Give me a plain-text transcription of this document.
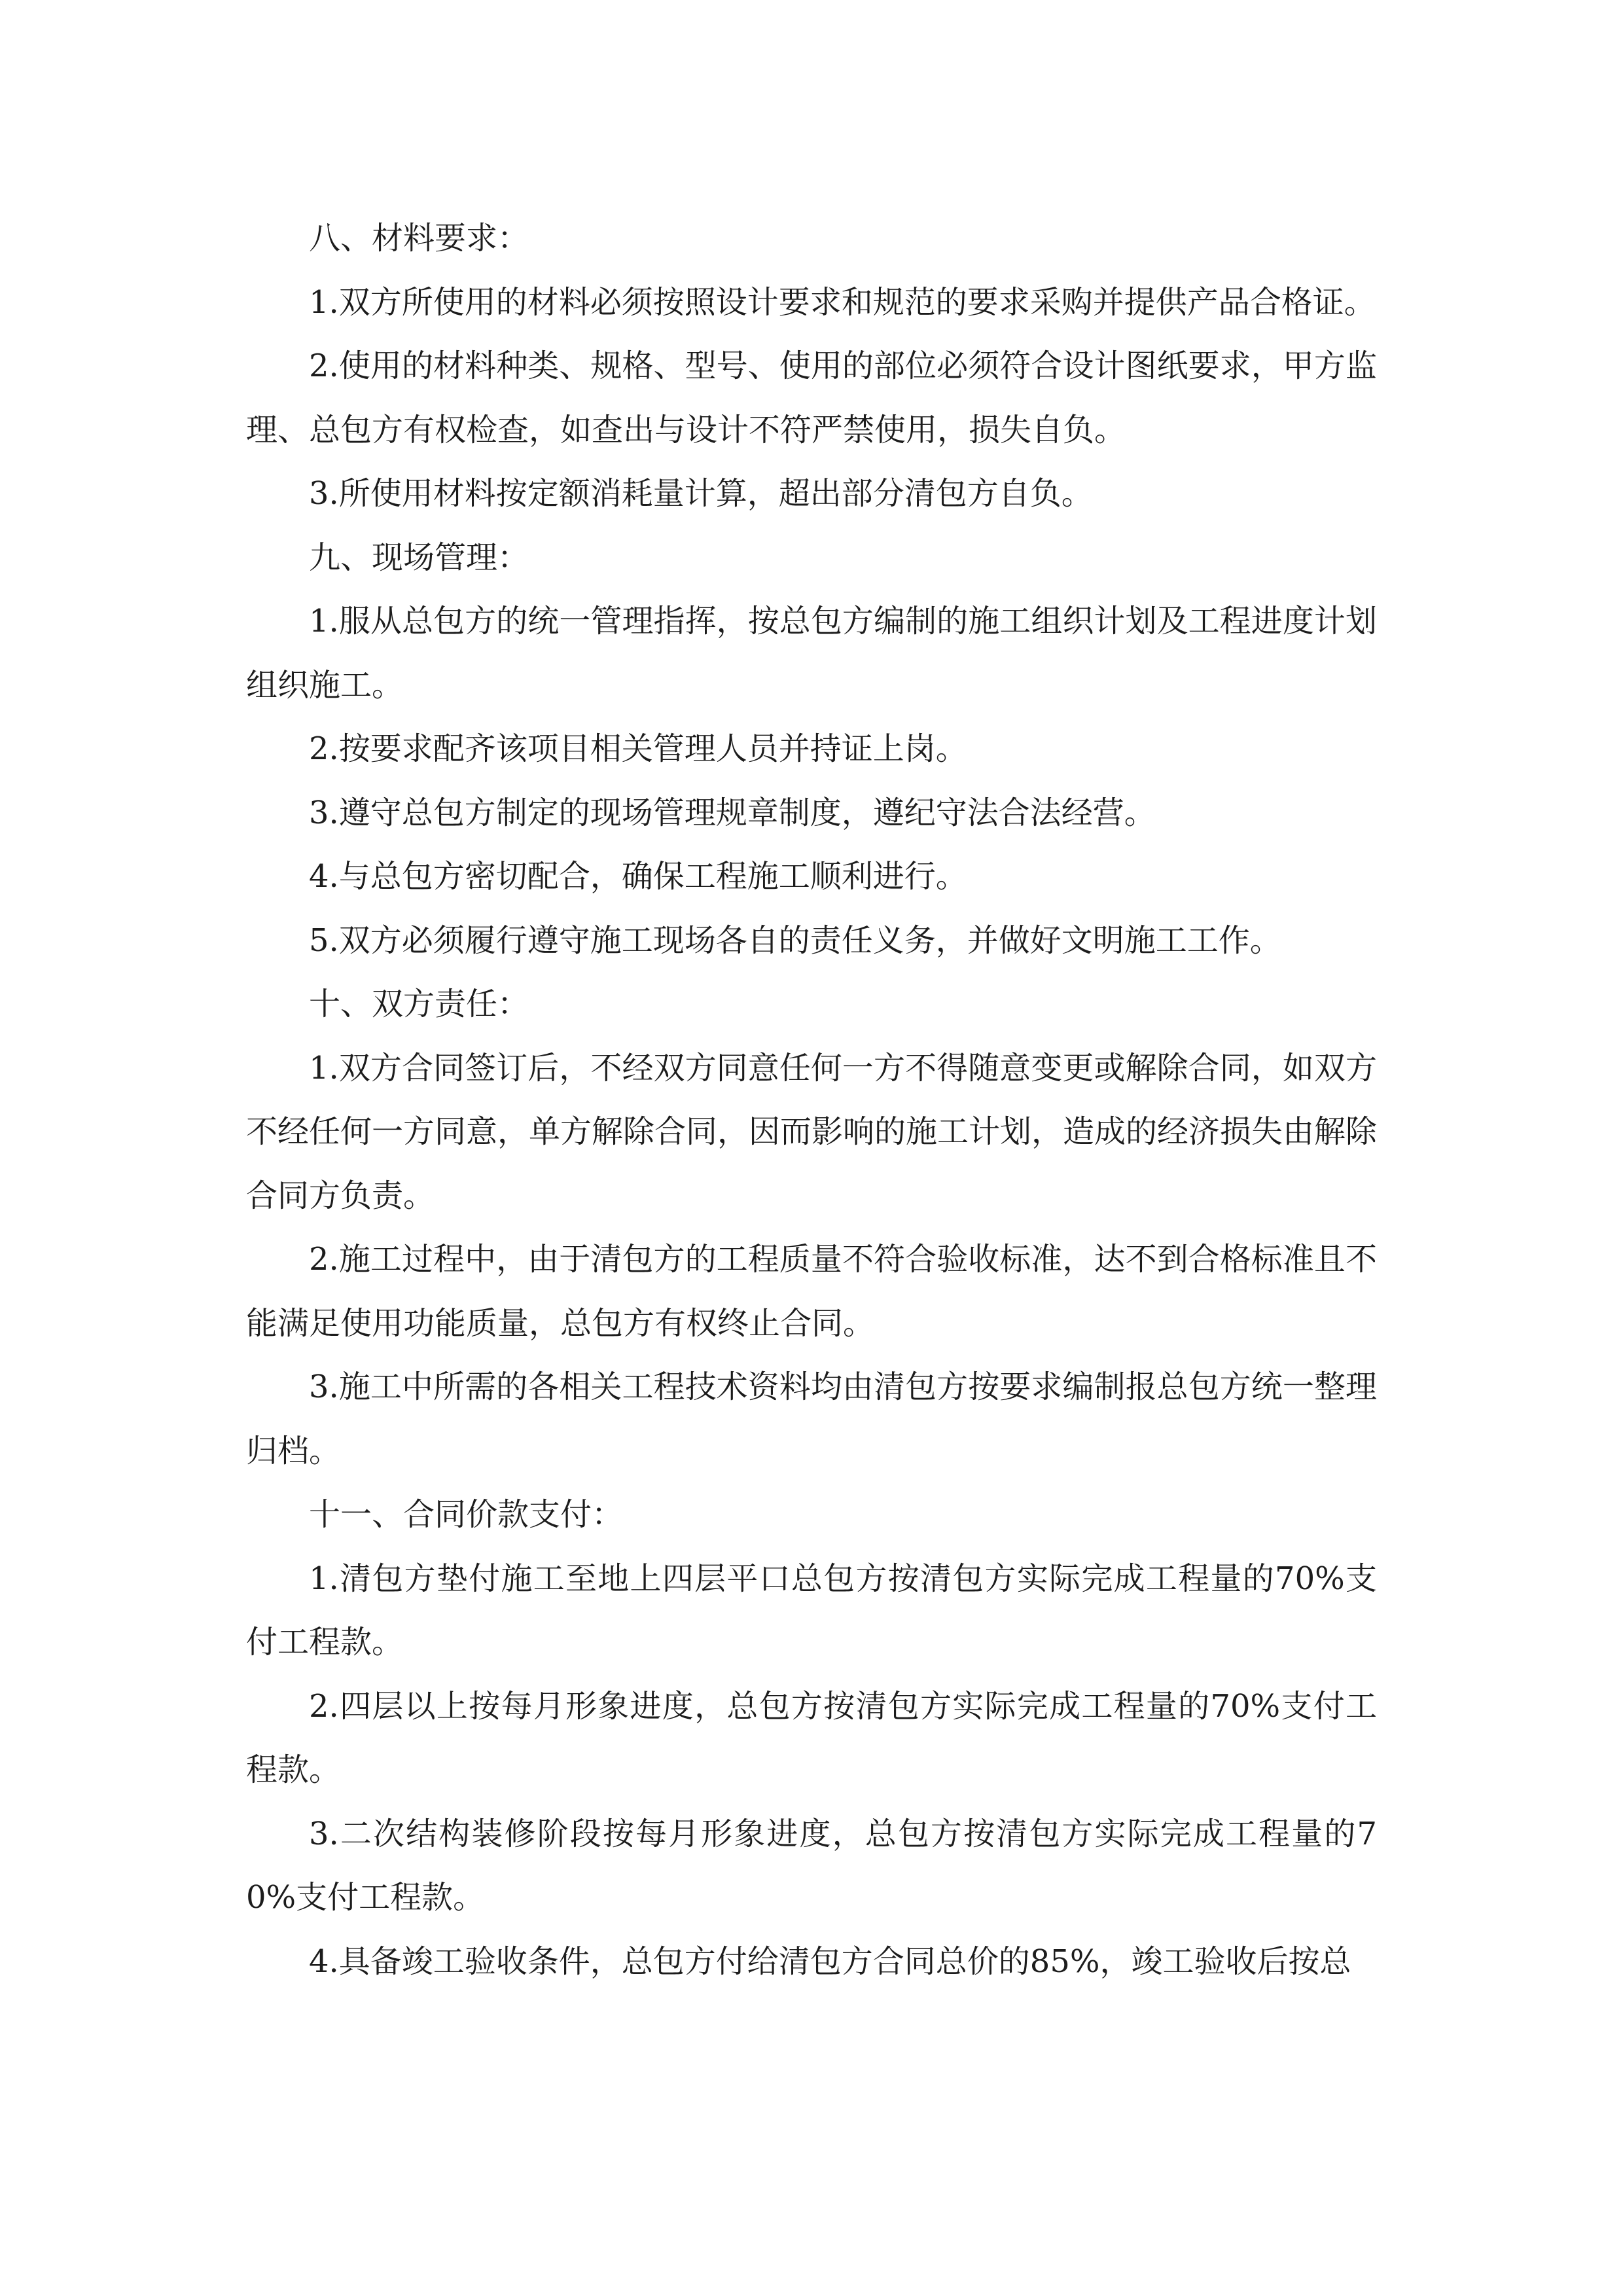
八、材料要求：

1.双方所使用的材料必须按照设计要求和规范的要求采购并提供产品合格证。

2.使用的材料种类、规格、型号、使用的部位必须符合设计图纸要求，甲方监理、总包方有权检查，如查出与设计不符严禁使用，损失自负。

3.所使用材料按定额消耗量计算，超出部分清包方自负。

九、现场管理：

1.服从总包方的统一管理指挥，按总包方编制的施工组织计划及工程进度计划组织施工。

2.按要求配齐该项目相关管理人员并持证上岗。

3.遵守总包方制定的现场管理规章制度，遵纪守法合法经营。

4.与总包方密切配合，确保工程施工顺利进行。

5.双方必须履行遵守施工现场各自的责任义务，并做好文明施工工作。

十、双方责任：

1.双方合同签订后，不经双方同意任何一方不得随意变更或解除合同，如双方不经任何一方同意，单方解除合同，因而影响的施工计划，造成的经济损失由解除合同方负责。

2.施工过程中，由于清包方的工程质量不符合验收标准，达不到合格标准且不能满足使用功能质量，总包方有权终止合同。

3.施工中所需的各相关工程技术资料均由清包方按要求编制报总包方统一整理归档。

十一、合同价款支付：

1.清包方垫付施工至地上四层平口总包方按清包方实际完成工程量的70%支付工程款。

2.四层以上按每月形象进度，总包方按清包方实际完成工程量的70%支付工程款。

3.二次结构装修阶段按每月形象进度，总包方按清包方实际完成工程量的70%支付工程款。

4.具备竣工验收条件，总包方付给清包方合同总价的85%，竣工验收后按总
